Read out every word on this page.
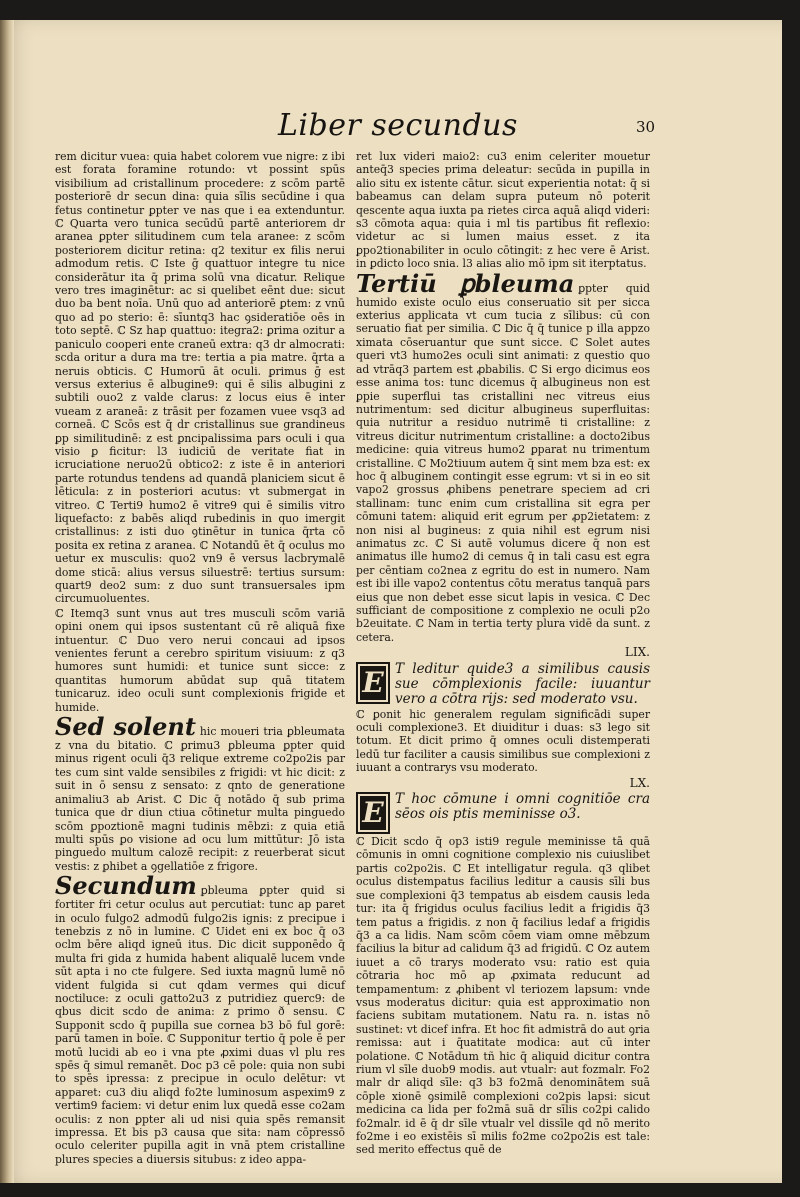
Liber secundus	30

rem dicitur vuea: quia habet colorem vue nigre: z ibi est forata foramine rotundo: vt possint spūs visibilium ad cristallinum procedere: z scōm partē posteriorē dr secun dina: quia sīlis secūdine i qua fetus continetur ꝑpter ve nas que i ea extenduntur. ℂ Quarta vero tunica secūdū partē anteriorem dr aranea ꝑpter silitudinem cum tela aranee: z scōm posteriorem dicitur retina: q2 texitur ex filis nerui admodum retis. ℂ Iste ḡ quattuor integre tu nice considerātur ita q̄ prima solū vna dicatur. Relique vero tres imaginētur: ac si quelibet eēnt due: sicut duo ba bent noīa. Unū quo ad anteriorē ꝑtem: z vnū quo ad po sterio: ē: sīuntq3 hac ꝯsideratiōe oēs in toto septē. ℂ Sz hap quattuo: itegra2: ꝑrima ozitur a paniculo cooperi ente craneū extra: q3 dr almocrati: scda oritur a dura ma tre: tertia a pia matre. q̄rta a neruis obticis. ℂ Humorū āt oculi. ꝑrimus ḡ est versus exterius ē albugine9: qui ē silis albugini z subtili ouo2 z valde clarus: z locus eius ē inter vueam z araneā: z trāsit per fozamen vuee vsq3 ad corneā. ℂ Scōs est q̄ dr cristallinus sue grandineus ꝑp similitudinē: z est ꝑncipalissima pars oculi i qua visio ꝑ ficitur: l3 iudiciū de veritate fiat in icruciatione neruo2ū obtico2: z iste ē in anteriori parte rotundus tendens ad quandā planiciem sicut ē lēticula: z in posteriori acutus: vt submergat in vitreo. ℂ Terti9 humo2 ē vitre9 qui ē similis vitro liquefacto: z babēs aliqd rubedinis in quo imergit cristallinus: z isti duo ꝯtinētur in tunica q̄rta cō posita ex retina z aranea. ℂ Notandū ēt q̄ oculus mo uetur ex musculis: quo2 vn9 ē versus lacbrymalē dome sticā: alius versus siluestrē: tertius sursum: quart9 deo2 sum: z duo sunt transuersales ipm circumuoluentes.

ℂ Itemq3 sunt vnus aut tres musculi scōm variā opini onem qui ipsos sustentant cū rē aliquā fixe intuentur. ℂ Duo vero nerui concaui ad ipsos venientes ferunt a cerebro spiritum visiuum: z q3 humores sunt humidi: et tunice sunt sicce: z quantitas humorum abūdat sup quā titatem tunicaruz. ideo oculi sunt complexionis frigide et humide.

Sed solent hic moueri tria ꝑbleumata z vna du bitatio. ℂ ꝑrimu3 ꝑbleuma ꝑpter quid minus rigent oculi q̄3 relique extreme co2po2is par tes cum sint valde sensibiles z frigidi: vt hic dicit: z suit in ō sensu z sensato: z qnto de generatione animaliu3 ab Arist. ℂ Dic q̄ notādo q̄ sub prima tunica que dr diun ctiua cōtinetur multa pinguedo scōm ꝑpoztionē magni tudinis mēbzi: z quia etiā multi spūs ꝑo visione ad ocu lum mittūtur: Jō ista pinguedo multum calozē recipit: z reuerberat sicut vestis: z ꝑhibet a ꝯgellatiōe z frigore.

Secundum ꝑbleuma ꝑpter quid si fortiter fri cetur oculus aut percutiat: tunc ap paret in oculo fulgo2 admodū fulgo2is ignis: z precipue i tenebzis z nō in lumine. ℂ Uidet eni ex boc q̄ o3 oclm bēre aliqd igneū itus. Dic dicit supponēdo q̄ multa fri gida z humida habent aliqualē lucem vnde sūt apta i no cte fulgere. Sed iuxta magnū lumē nō vident fulgida si cut qdam vermes qui dicuf noctiluce: z oculi gatto2u3 z putridiez querc9: de qbus dicit scdo de anima: z primo ð sensu. ℂ Supponit scdo q̄ pupilla sue cornea b3 bō ful gorē: parū tamen in boīe. ℂ Supponitur tertio q̄ pole ē per motū lucidi ab eo i vna pte ꝓximi duas vl plu res spēs q̄ simul remanēt. Doc p3 cē pole: quia non subi to spēs ipressa: z precipue in oculo delētur: vt apparet: cu3 diu aliqd fo2te luminosum aspexim9 z vertim9 faciem: vi detur enim lux quedā esse co2am oculis: z non ꝑpter ali ud nisi quia spēs remansit impressa. Et bis p3 causa que sita: nam cōpressō oculo celeriter pupilla agit in vnā ptem cristalline plures species a diuersis situbus: z ideo appa-

ret lux videri maio2: cu3 enim celeriter mouetur anteq̄3 species prima deleatur: secūda in pupilla in alio situ ex istente cātur. sicut experientia notat: q̄ si babeamus can delam supra puteum nō poterit qescente aqua iuxta pa rietes circa aquā aliqd videri: s3 cōmota aqua: quia i ml tis partibus fit reflexio: videtur ac si lumen maius esset. z ita ꝑpo2tionabiliter in oculo cōtingit: z hec vere ē Arist. in ꝑdicto loco snia. l3 alias alio mō ipm sit iterptatus.

Tertiū ꝑbleuma ꝑpter quid humido existe oculo eius conseruatio sit per sicca exterius applicata vt cum tucia z sīlibus: cū con seruatio fiat per similia. ℂ Dic q̄ q̄ tunice p illa appzo ximata cōseruantur que sunt sicce. ℂ Solet autes queri vt3 humo2es oculi sint animati: z questio quo ad vtrāq3 partem est ꝓbabilis. ℂ Si ergo dicimus eos esse anima tos: tunc dicemus q̄ albugineus non est ꝑpie superflui tas cristallini nec vitreus eius nutrimentum: sed dicitur albugineus superfluitas: quia nutritur a residuo nutrimē ti cristalline: z vitreus dicitur nutrimentum cristalline: a docto2ibus medicine: quia vitreus humo2 ꝑparat nu trimentum cristalline. ℂ Mo2tiuum autem q̄ sint mem bza est: ex hoc q̄ albuginem contingit esse egrum: vt si in eo sit vapo2 grossus ꝓhibens penetrare speciem ad cri stallinam: tunc enim cum cristallina sit egra per cōmuni tatem: aliquid erit egrum per ꝓp2ietatem: z non nisi al bugineus: z quia nihil est egrum nisi animatus zc. ℂ Si autē volumus dicere q̄ non est animatus ille humo2 di cemus q̄ in tali casu est egra per cēntiam co2nea z egritu do est in numero. Nam est ibi ille vapo2 contentus cōtu meratus tanquā pars eius que non debet esse sicut lapis in vesica. ℂ Dec sufficiant de compositione z complexio ne oculi p2o b2euitate. ℂ Nam in tertia terty plura vidē da sunt. z cetera.

LIX.
E T leditur quide3 a similibus causis sue cōmplexionis facile: iuuantur vero a cōtra rijs: sed moderato vsu.

ℂ ꝑonit hic generalem regulam significādi super oculi complexione3. Et diuiditur i duas: s3 lego sit totum. Et dicit primo q̄ omnes oculi distemperati ledū tur faciliter a causis similibus sue complexioni z iuuant a contrarys vsu moderato.

LX.
E T hoc cōmune i omni cognitiōe cra sēos ois ptis meminisse o3.

ℂ Dicit scdo q̄ op3 isti9 regule meminisse tā quā cōmunis in omni cognitione complexio nis cuiuslibet partis co2po2is. ℂ Et intelligatur regula. q3 qlibet oculus distempatus facilius leditur a causis sīli bus sue complexioni q̄3 tempatus ab eisdem causis leda tur: ita q̄ frigidus oculus facilius ledit a frigidis q̄3 tem patus a frigidis. z non q̄ facilius ledaf a frigidis q̄3 a ca lidis. Nam scōm cōem viam omne mēbzum facilius la bitur ad calidum q̄3 ad frigidū. ℂ Oz autem iuuet a cō trarys moderato vsu: ratio est quia cōtraria hoc mō ap ꝓximata reducunt ad tempamentum: z ꝓhibent vl teriozem lapsum: vnde vsus moderatus dicitur: quia est approximatio non faciens subitam mutationem. Natu ra. n. istas nō sustinet: vt dicef infra. Et hoc fit admistrā do aut ꝯria remissa: aut i q̄uatitate modica: aut cū inter polatione. ℂ Notādum tñ hic q̄ aliquid dicitur contra rium vl sīle duob9 modis. aut vtualr: aut fozmalr. Fo2 malr dr aliqd sīle: q3 b3 fo2mā denominātem suā cōple xionē ꝯsimilē complexioni co2pis lapsi: sicut medicina ca lida per fo2mā suā dr sīlis co2pi calido fo2malr. id ē q̄ dr sīle vtualr vel dissīle qd nō merito fo2me i eo existēis sī milis fo2me co2po2is est tale: sed merito effectus quē de
